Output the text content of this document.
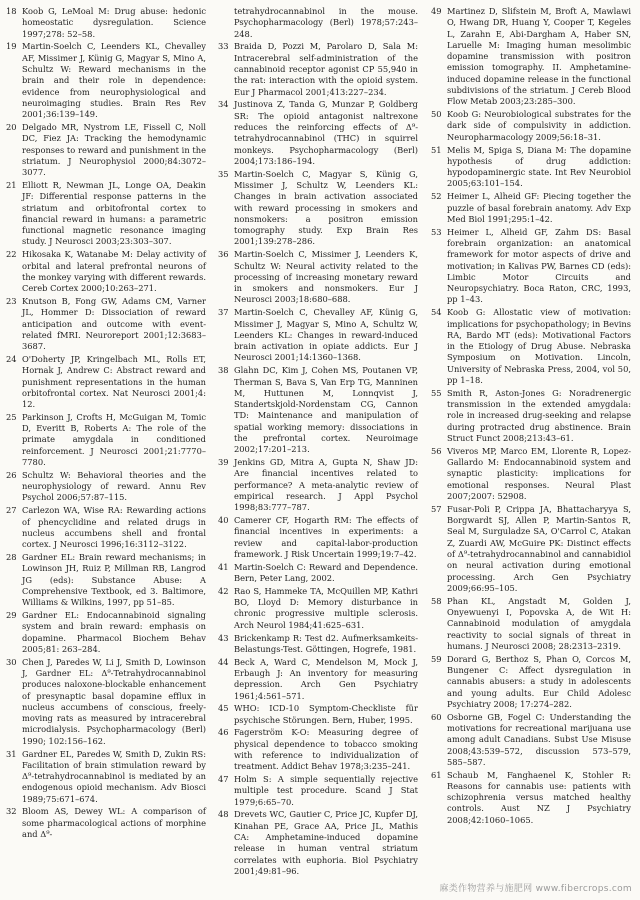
18 Koob G, LeMoal M: Drug abuse: hedonic homeostatic dysregulation. Science 1997;278: 52–58.
19 Martin-Soelch C, Leenders KL, Chevalley AF, Missimer J, Künig G, Magyar S, Mino A, Schultz W: Reward mechanisms in the brain and their role in dependence: evidence from neurophysiological and neuroimaging studies. Brain Res Rev 2001;36:139–149.
20 Delgado MR, Nystrom LE, Fissell C, Noll DC, Fiez JA: Tracking the hemodynamic responses to reward and punishment in the striatum. J Neurophysiol 2000;84:3072–3077.
21 Elliott R, Newman JL, Longe OA, Deakin JF: Differential response patterns in the striatum and orbitofrontal cortex to financial reward in humans: a parametric functional magnetic resonance imaging study. J Neurosci 2003;23:303–307.
22 Hikosaka K, Watanabe M: Delay activity of orbital and lateral prefrontal neurons of the monkey varying with different rewards. Cereb Cortex 2000;10:263–271.
23 Knutson B, Fong GW, Adams CM, Varner JL, Hommer D: Dissociation of reward anticipation and outcome with event-related fMRI. Neuroreport 2001;12:3683–3687.
24 O'Doherty JP, Kringelbach ML, Rolls ET, Hornak J, Andrew C: Abstract reward and punishment representations in the human orbitofrontal cortex. Nat Neurosci 2001;4: 12.
25 Parkinson J, Crofts H, McGuigan M, Tomic D, Everitt B, Roberts A: The role of the primate amygdala in conditioned reinforcement. J Neurosci 2001;21:7770–7780.
26 Schultz W: Behavioral theories and the neurophysiology of reward. Annu Rev Psychol 2006;57:87–115.
27 Carlezon WA, Wise RA: Rewarding actions of phencyclidine and related drugs in nucleus accumbens shell and frontal cortex. J Neurosci 1996;16:3112–3122.
28 Gardner EL: Brain reward mechanisms; in Lowinson JH, Ruiz P, Millman RB, Langrod JG (eds): Substance Abuse: A Comprehensive Textbook, ed 3. Baltimore, Williams & Wilkins, 1997, pp 51–85.
29 Gardner EL: Endocannabinoid signaling system and brain reward: emphasis on dopamine. Pharmacol Biochem Behav 2005;81: 263–284.
30 Chen J, Paredes W, Li J, Smith D, Lowinson J, Gardner EL: Δ⁹-Tetrahydrocannabinol produces naloxone-blockable enhancement of presynaptic basal dopamine efflux in nucleus accumbens of conscious, freely-moving rats as measured by intracerebral microdialysis. Psychopharmacology (Berl) 1990; 102:156–162.
31 Gardner EL, Paredes W, Smith D, Zukin RS: Facilitation of brain stimulation reward by Δ⁹-tetrahydrocannabinol is mediated by an endogenous opioid mechanism. Adv Biosci 1989;75:671–674.
32 Bloom AS, Dewey WL: A comparison of some pharmacological actions of morphine and Δ⁹-
tetrahydrocannabinol in the mouse. Psychopharmacology (Berl) 1978;57:243–248.
33 Braida D, Pozzi M, Parolaro D, Sala M: Intracerebral self-administration of the cannabinoid receptor agonist CP 55,940 in the rat: interaction with the opioid system. Eur J Pharmacol 2001;413:227–234.
34 Justinova Z, Tanda G, Munzar P, Goldberg SR: The opioid antagonist naltrexone reduces the reinforcing effects of Δ⁹-tetrahydrocannabinol (THC) in squirrel monkeys. Psychopharmacology (Berl) 2004;173:186–194.
35 Martin-Soelch C, Magyar S, Künig G, Missimer J, Schultz W, Leenders KL: Changes in brain activation associated with reward processing in smokers and nonsmokers: a positron emission tomography study. Exp Brain Res 2001;139:278–286.
36 Martin-Soelch C, Missimer J, Leenders K, Schultz W: Neural activity related to the processing of increasing monetary reward in smokers and nonsmokers. Eur J Neurosci 2003;18:680–688.
37 Martin-Soelch C, Chevalley AF, Künig G, Missimer J, Magyar S, Mino A, Schultz W, Leenders KL: Changes in reward-induced brain activation in opiate addicts. Eur J Neurosci 2001;14:1360–1368.
38 Glahn DC, Kim J, Cohen MS, Poutanen VP, Therman S, Bava S, Van Erp TG, Manninen M, Huttunen M, Lonnqvist J, Standertskjold-Nordenstam CG, Cannon TD: Maintenance and manipulation of spatial working memory: dissociations in the prefrontal cortex. Neuroimage 2002;17:201–213.
39 Jenkins GD, Mitra A, Gupta N, Shaw JD: Are financial incentives related to performance? A meta-analytic review of empirical research. J Appl Psychol 1998;83:777–787.
40 Camerer CF, Hogarth RM: The effects of financial incentives in experiments: a review and capital-labor-production framework. J Risk Uncertain 1999;19:7–42.
41 Martin-Soelch C: Reward and Dependence. Bern, Peter Lang, 2002.
42 Rao S, Hammeke TA, McQuillen MP, Kathri BO, Lloyd D: Memory disturbance in chronic progressive multiple sclerosis. Arch Neurol 1984;41:625–631.
43 Brickenkamp R: Test d2. Aufmerksamkeits-Belastungs-Test. Göttingen, Hogrefe, 1981.
44 Beck A, Ward C, Mendelson M, Mock J, Erbaugh J: An inventory for measuring depression. Arch Gen Psychiatry 1961;4:561–571.
45 WHO: ICD-10 Symptom-Checkliste für psychische Störungen. Bern, Huber, 1995.
46 Fagerström K-O: Measuring degree of physical dependence to tobacco smoking with reference to individualization of treatment. Addict Behav 1978;3:235–241.
47 Holm S: A simple sequentially rejective multiple test procedure. Scand J Stat 1979;6:65–70.
48 Drevets WC, Gautier C, Price JC, Kupfer DJ, Kinahan PE, Grace AA, Price JL, Mathis CA: Amphetamine-induced dopamine release in human ventral striatum correlates with euphoria. Biol Psychiatry 2001;49:81–96.
49 Martinez D, Slifstein M, Broft A, Mawlawi O, Hwang DR, Huang Y, Cooper T, Kegeles L, Zarahn E, Abi-Dargham A, Haber SN, Laruelle M: Imaging human mesolimbic dopamine transmission with positron emission tomography. II. Amphetamine-induced dopamine release in the functional subdivisions of the striatum. J Cereb Blood Flow Metab 2003;23:285–300.
50 Koob G: Neurobiological substrates for the dark side of compulsivity in addiction. Neuropharmacology 2009;56:18–31.
51 Melis M, Spiga S, Diana M: The dopamine hypothesis of drug addiction: hypodopaminergic state. Int Rev Neurobiol 2005;63:101–154.
52 Heimer L, Alheid GF: Piecing together the puzzle of basal forebrain anatomy. Adv Exp Med Biol 1991;295:1–42.
53 Heimer L, Alheid GF, Zahm DS: Basal forebrain organization: an anatomical framework for motor aspects of drive and motivation; in Kalivas PW, Barnes CD (eds): Limbic Motor Circuits and Neuropsychiatry. Boca Raton, CRC, 1993, pp 1–43.
54 Koob G: Allostatic view of motivation: implications for psychopathology; in Bevins RA, Bardo MT (eds): Motivational Factors in the Etiology of Drug Abuse. Nebraska Symposium on Motivation. Lincoln, University of Nebraska Press, 2004, vol 50, pp 1–18.
55 Smith R, Aston-Jones G: Noradrenergic transmission in the extended amygdala: role in increased drug-seeking and relapse during protracted drug abstinence. Brain Struct Funct 2008;213:43–61.
56 Viveros MP, Marco EM, Llorente R, Lopez-Gallardo M: Endocannabinoid system and synaptic plasticity: implications for emotional responses. Neural Plast 2007;2007: 52908.
57 Fusar-Poli P, Crippa JA, Bhattacharyya S, Borgwardt SJ, Allen P, Martin-Santos R, Seal M, Surguladze SA, O'Carrol C, Atakan Z, Zuardi AW, McGuire PK: Distinct effects of Δ⁹-tetrahydrocannabinol and cannabidiol on neural activation during emotional processing. Arch Gen Psychiatry 2009;66:95–105.
58 Phan KL, Angstadt M, Golden J, Onyewuenyi I, Popovska A, de Wit H: Cannabinoid modulation of amygdala reactivity to social signals of threat in humans. J Neurosci 2008; 28:2313–2319.
59 Dorard G, Berthoz S, Phan O, Corcos M, Bungener C: Affect dysregulation in cannabis abusers: a study in adolescents and young adults. Eur Child Adolesc Psychiatry 2008; 17:274–282.
60 Osborne GB, Fogel C: Understanding the motivations for recreational marijuana use among adult Canadians. Subst Use Misuse 2008;43:539–572, discussion 573–579, 585–587.
61 Schaub M, Fanghaenel K, Stohler R: Reasons for cannabis use: patients with schizophrenia versus matched healthy controls. Aust NZ J Psychiatry 2008;42:1060–1065.
麻类作物营养与施肥网 www.fibercrops.com
